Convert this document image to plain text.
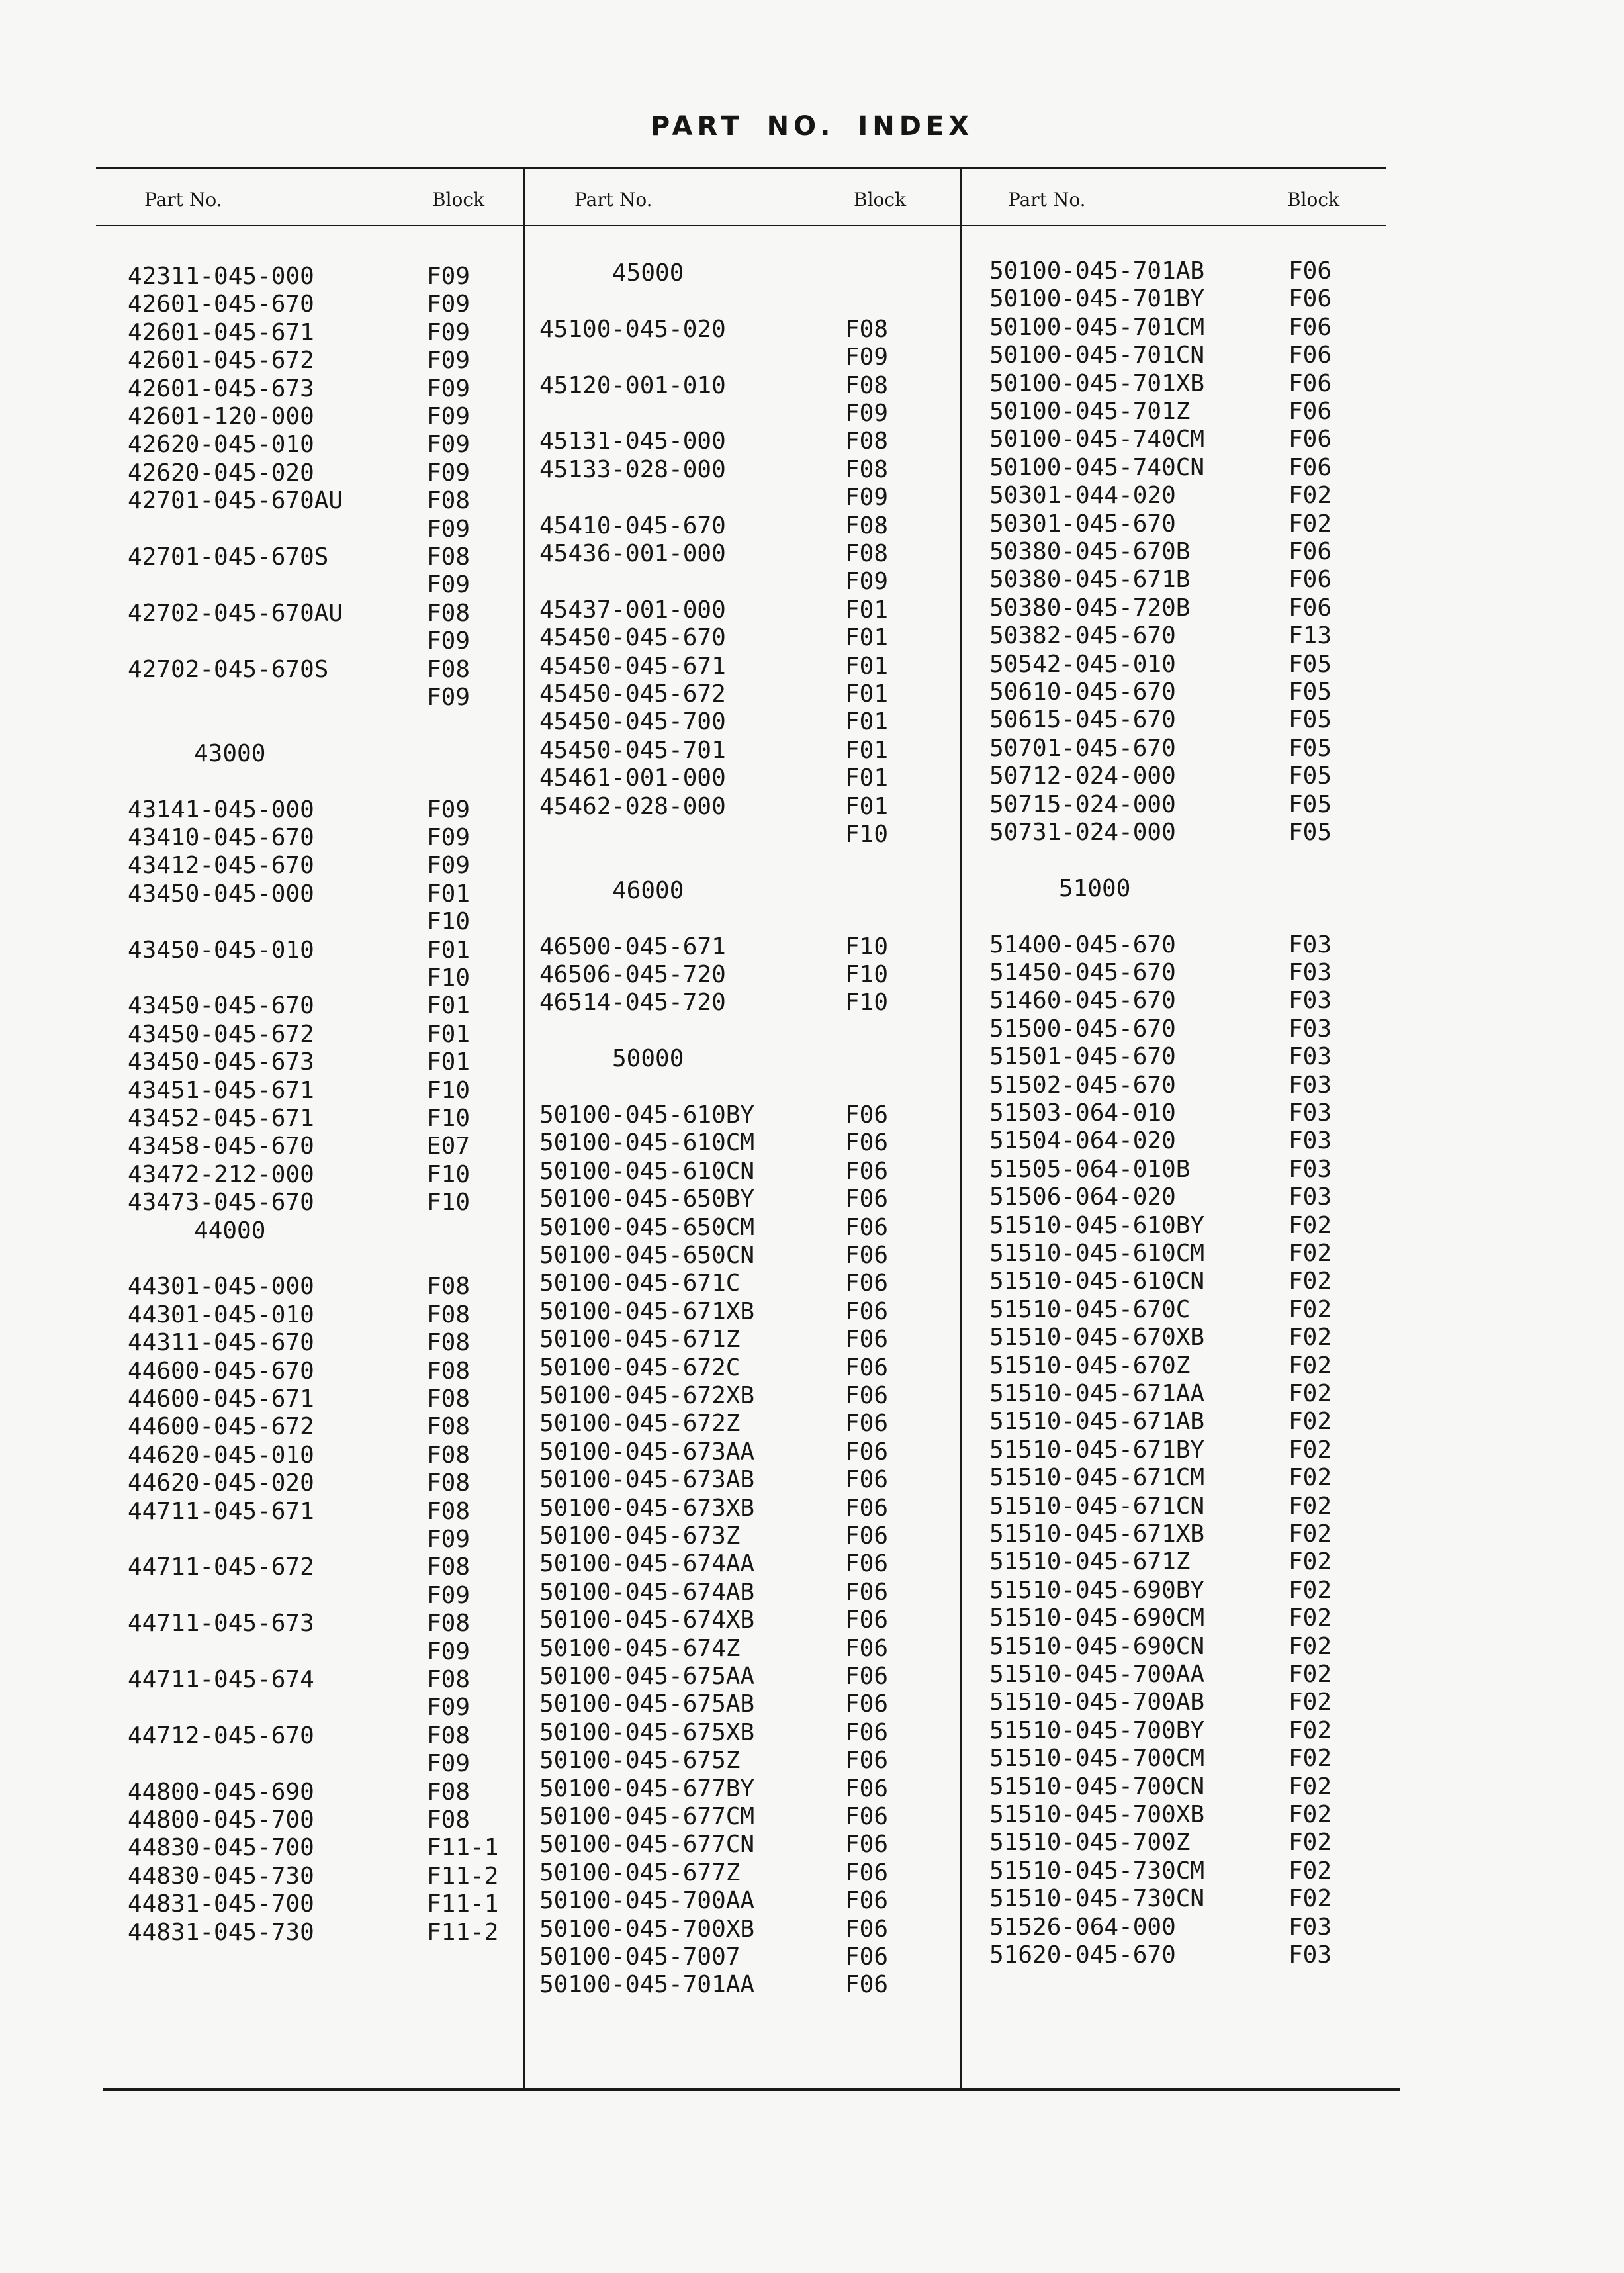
PART NO. INDEX
Part No.	Block	Part No.	Block	Part No.	Block
42311-045-000	F09
42601-045-670	F09
42601-045-671	F09
42601-045-672	F09
42601-045-673	F09
42601-120-000	F09
42620-045-010	F09
42620-045-020	F09
42701-045-670AU	F08
F09
42701-045-670S	F08
F09
42702-045-670AU	F08
F09
42702-045-670S	F08
F09
43000
43141-045-000	F09
43410-045-670	F09
43412-045-670	F09
43450-045-000	F01
F10
43450-045-010	F01
F10
43450-045-670	F01
43450-045-672	F01
43450-045-673	F01
43451-045-671	F10
43452-045-671	F10
43458-045-670	E07
43472-212-000	F10
43473-045-670	F10
44000
44301-045-000	F08
44301-045-010	F08
44311-045-670	F08
44600-045-670	F08
44600-045-671	F08
44600-045-672	F08
44620-045-010	F08
44620-045-020	F08
44711-045-671	F08
F09
44711-045-672	F08
F09
44711-045-673	F08
F09
44711-045-674	F08
F09
44712-045-670	F08
F09
44800-045-690	F08
44800-045-700	F08
44830-045-700	F11-1
44830-045-730	F11-2
44831-045-700	F11-1
44831-045-730	F11-2
45000
45100-045-020	F08
F09
45120-001-010	F08
F09
45131-045-000	F08
45133-028-000	F08
F09
45410-045-670	F08
45436-001-000	F08
F09
45437-001-000	F01
45450-045-670	F01
45450-045-671	F01
45450-045-672	F01
45450-045-700	F01
45450-045-701	F01
45461-001-000	F01
45462-028-000	F01
F10
46000
46500-045-671	F10
46506-045-720	F10
46514-045-720	F10
50000
50100-045-610BY	F06
50100-045-610CM	F06
50100-045-610CN	F06
50100-045-650BY	F06
50100-045-650CM	F06
50100-045-650CN	F06
50100-045-671C	F06
50100-045-671XB	F06
50100-045-671Z	F06
50100-045-672C	F06
50100-045-672XB	F06
50100-045-672Z	F06
50100-045-673AA	F06
50100-045-673AB	F06
50100-045-673XB	F06
50100-045-673Z	F06
50100-045-674AA	F06
50100-045-674AB	F06
50100-045-674XB	F06
50100-045-674Z	F06
50100-045-675AA	F06
50100-045-675AB	F06
50100-045-675XB	F06
50100-045-675Z	F06
50100-045-677BY	F06
50100-045-677CM	F06
50100-045-677CN	F06
50100-045-677Z	F06
50100-045-700AA	F06
50100-045-700XB	F06
50100-045-7007	F06
50100-045-701AA	F06
50100-045-701AB	F06
50100-045-701BY	F06
50100-045-701CM	F06
50100-045-701CN	F06
50100-045-701XB	F06
50100-045-701Z	F06
50100-045-740CM	F06
50100-045-740CN	F06
50301-044-020	F02
50301-045-670	F02
50380-045-670B	F06
50380-045-671B	F06
50380-045-720B	F06
50382-045-670	F13
50542-045-010	F05
50610-045-670	F05
50615-045-670	F05
50701-045-670	F05
50712-024-000	F05
50715-024-000	F05
50731-024-000	F05
51000
51400-045-670	F03
51450-045-670	F03
51460-045-670	F03
51500-045-670	F03
51501-045-670	F03
51502-045-670	F03
51503-064-010	F03
51504-064-020	F03
51505-064-010B	F03
51506-064-020	F03
51510-045-610BY	F02
51510-045-610CM	F02
51510-045-610CN	F02
51510-045-670C	F02
51510-045-670XB	F02
51510-045-670Z	F02
51510-045-671AA	F02
51510-045-671AB	F02
51510-045-671BY	F02
51510-045-671CM	F02
51510-045-671CN	F02
51510-045-671XB	F02
51510-045-671Z	F02
51510-045-690BY	F02
51510-045-690CM	F02
51510-045-690CN	F02
51510-045-700AA	F02
51510-045-700AB	F02
51510-045-700BY	F02
51510-045-700CM	F02
51510-045-700CN	F02
51510-045-700XB	F02
51510-045-700Z	F02
51510-045-730CM	F02
51510-045-730CN	F02
51526-064-000	F03
51620-045-670	F03
